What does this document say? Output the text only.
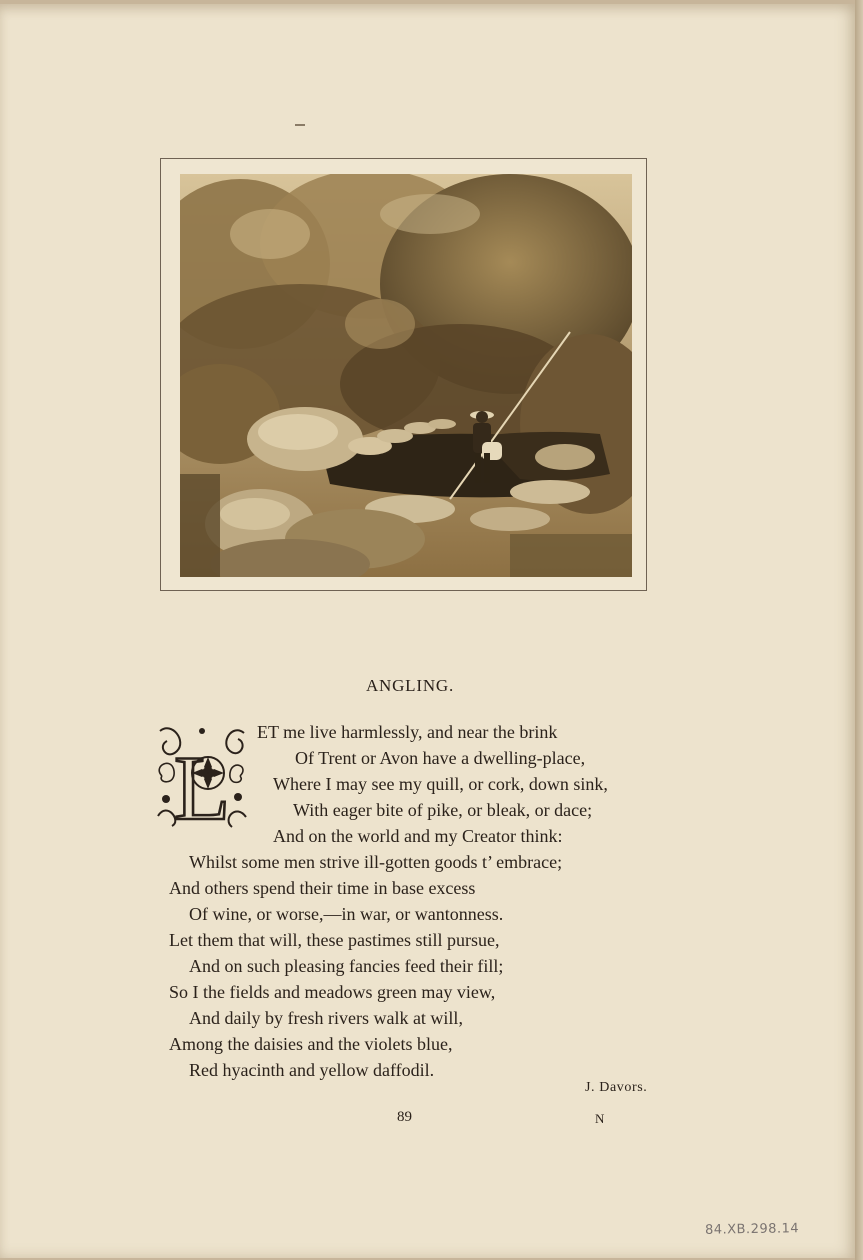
ANGLING.
L
ET me live harmlessly, and near the brink
Of Trent or Avon have a dwelling-place,
Where I may see my quill, or cork, down sink,
With eager bite of pike, or bleak, or dace;
And on the world and my Creator think:
Whilst some men strive ill-gotten goods t’ embrace;
And others spend their time in base excess
Of wine, or worse,—in war, or wantonness.
Let them that will, these pastimes still pursue,
And on such pleasing fancies feed their fill;
So I the fields and meadows green may view,
And daily by fresh rivers walk at will,
Among the daisies and the violets blue,
Red hyacinth and yellow daffodil.
J. Davors.
89	N
84.XB.298.14
